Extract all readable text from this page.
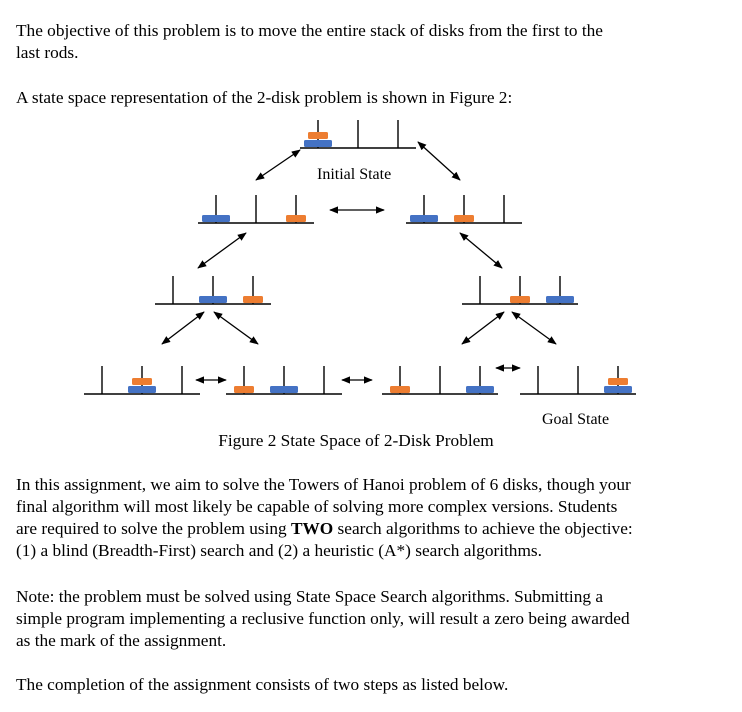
The objective of this problem is to move the entire stack of disks from the first to the
last rods.

A state space representation of the 2-disk problem is shown in Figure 2:

Initial State
Goal State
Figure 2 State Space of 2-Disk Problem

In this assignment, we aim to solve the Towers of Hanoi problem of 6 disks, though your
final algorithm will most likely be capable of solving more complex versions. Students
are required to solve the problem using TWO search algorithms to achieve the objective:
(1) a blind (Breadth-First) search and (2) a heuristic (A*) search algorithms.

Note: the problem must be solved using State Space Search algorithms. Submitting a
simple program implementing a reclusive function only, will result a zero being awarded
as the mark of the assignment.

The completion of the assignment consists of two steps as listed below.
